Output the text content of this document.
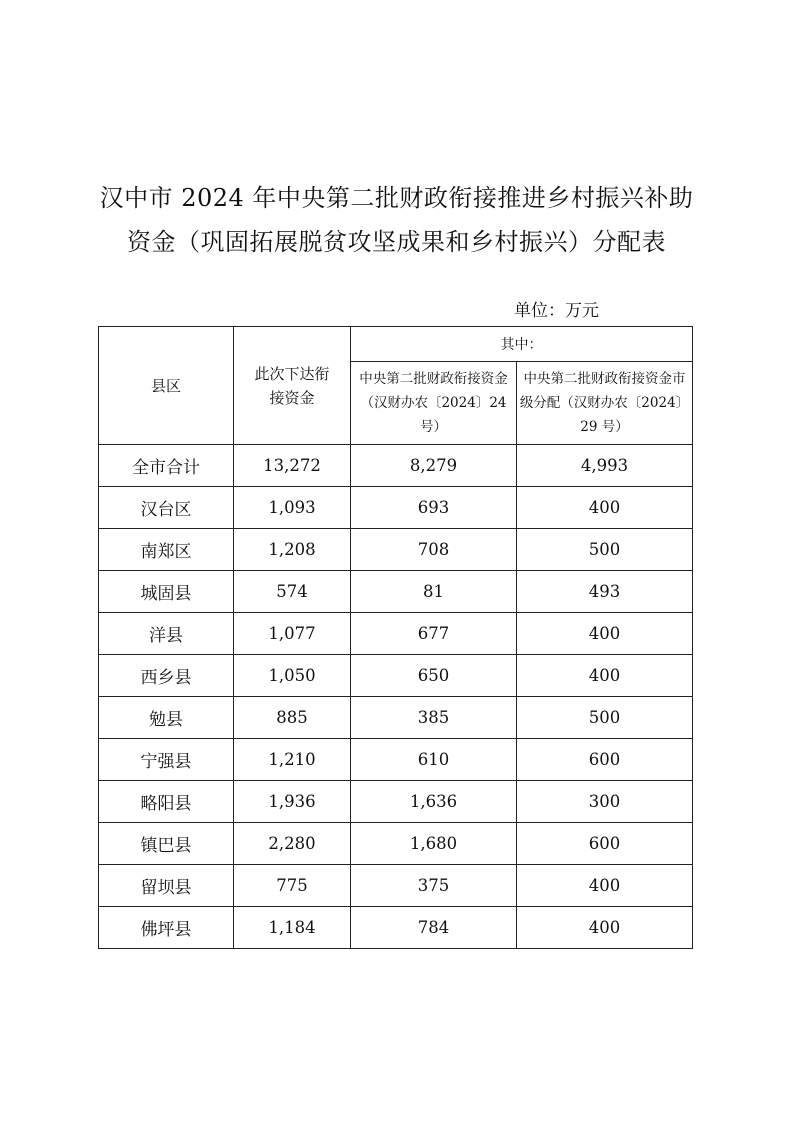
汉中市 2024 年中央第二批财政衔接推进乡村振兴补助
资金（巩固拓展脱贫攻坚成果和乡村振兴）分配表
单位：万元
县区	此次下达衔接资金	其中：	
		中央第二批财政衔接资金（汉财办农〔2024〕24 号）	中央第二批财政衔接资金市级分配（汉财办农〔2024〕29 号）
全市合计	13,272	8,279	4,993
汉台区	1,093	693	400
南郑区	1,208	708	500
城固县	574	81	493
洋县	1,077	677	400
西乡县	1,050	650	400
勉县	885	385	500
宁强县	1,210	610	600
略阳县	1,936	1,636	300
镇巴县	2,280	1,680	600
留坝县	775	375	400
佛坪县	1,184	784	400
